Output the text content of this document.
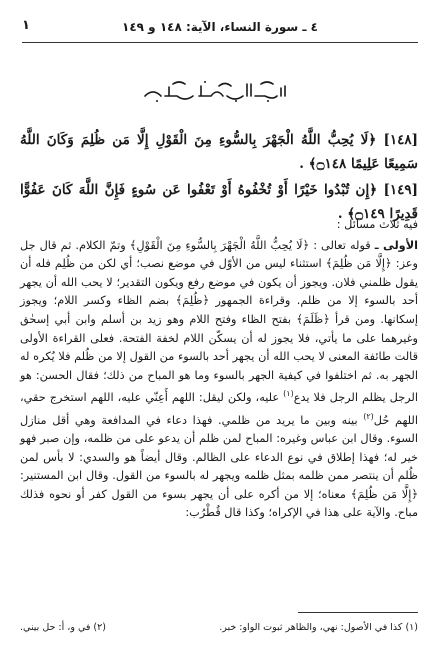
٤ ـ سورة النساء، الآية: ١٤٨ و ١٤٩
١
[١٤٨] ﴿لَا يُحِبُّ اللَّهُ الْجَهْرَ بِالسُّوءِ مِنَ الْقَوْلِ إِلَّا مَن ظُلِمَ وَكَانَ اللَّهُ سَمِيعًا عَلِيمًا ۝١٤٨﴾ .
[١٤٩] ﴿إِن تُبْدُوا خَيْرًا أَوْ تُخْفُوهُ أَوْ تَعْفُوا عَن سُوءٍ فَإِنَّ اللَّهَ كَانَ عَفُوًّا قَدِيرًا ۝١٤٩﴾ .

فيه ثلاث مسائل :

الأولى ـ قوله تعالى : ﴿لَا يُحِبُّ اللَّهُ الْجَهْرَ بِالسُّوءِ مِنَ الْقَوْلِ﴾ وتمّ الكلام. ثم قال جل وعز: ﴿إِلَّا مَن ظُلِمَ﴾ استثناء ليس من الأوّل في موضع نصب؛ أي لكن من ظُلِم فله أن يقول ظلمني فلان. ويجوز أن يكون في موضع رفع ويكون التقدير؛ لا يحب الله أن يجهر أحد بالسوء إلا من ظلم. وقراءة الجمهور ﴿ظُلِمَ﴾ بضم الظاء وكسر اللام؛ ويجوز إسكانها. ومن قرأ ﴿ظَلَمَ﴾ بفتح الظاء وفتح اللام وهو زيد بن أسلم وابن أبي إسحٰق وغيرهما على ما يأتي، فلا يجوز له أن يسكّن اللام لخفة الفتحة. فعلى القراءة الأولى قالت طائفة المعنى لا يحب الله أن يجهر أحد بالسوء من القول إلا من ظُلم فلا يُكره له الجهر به. ثم اختلفوا في كيفية الجهر بالسوء وما هو المباح من ذلك؛ فقال الحسن: هو الرجل يظلم الرجل فلا يدع$^{(١)}$ عليه، ولكن ليقل: اللهم أَعِنّي عليه، اللهم استخرج حقي، اللهم حُل$^{(٢)}$ بينه وبين ما يريد من ظلمي. فهذا دعاء في المدافعة وهي أقل منازل السوء. وقال ابن عباس وغيره: المباح لمن ظلم أن يدعو على من ظلمه، وإن صبر فهو خير له؛ فهذا إطلاق في نوع الدعاء على الظالم. وقال أيضاً هو والسدي: لا بأس لمن ظُلم أن ينتصر ممن ظلمه بمثل ظلمه ويجهر له بالسوء من القول. وقال ابن المستنير: ﴿إِلَّا مَن ظُلِمَ﴾ معناه؛ إلا من أكره على أن يجهر بسوء من القول كفر أو نحوه فذلك مباح. والآية على هذا في الإكراه؛ وكذا قال قُطْرُب:

(١) كذا في الأصول: نهي، والظاهر ثبوت الواو: خبر.
(٢) في و، أ: حل بيني.
